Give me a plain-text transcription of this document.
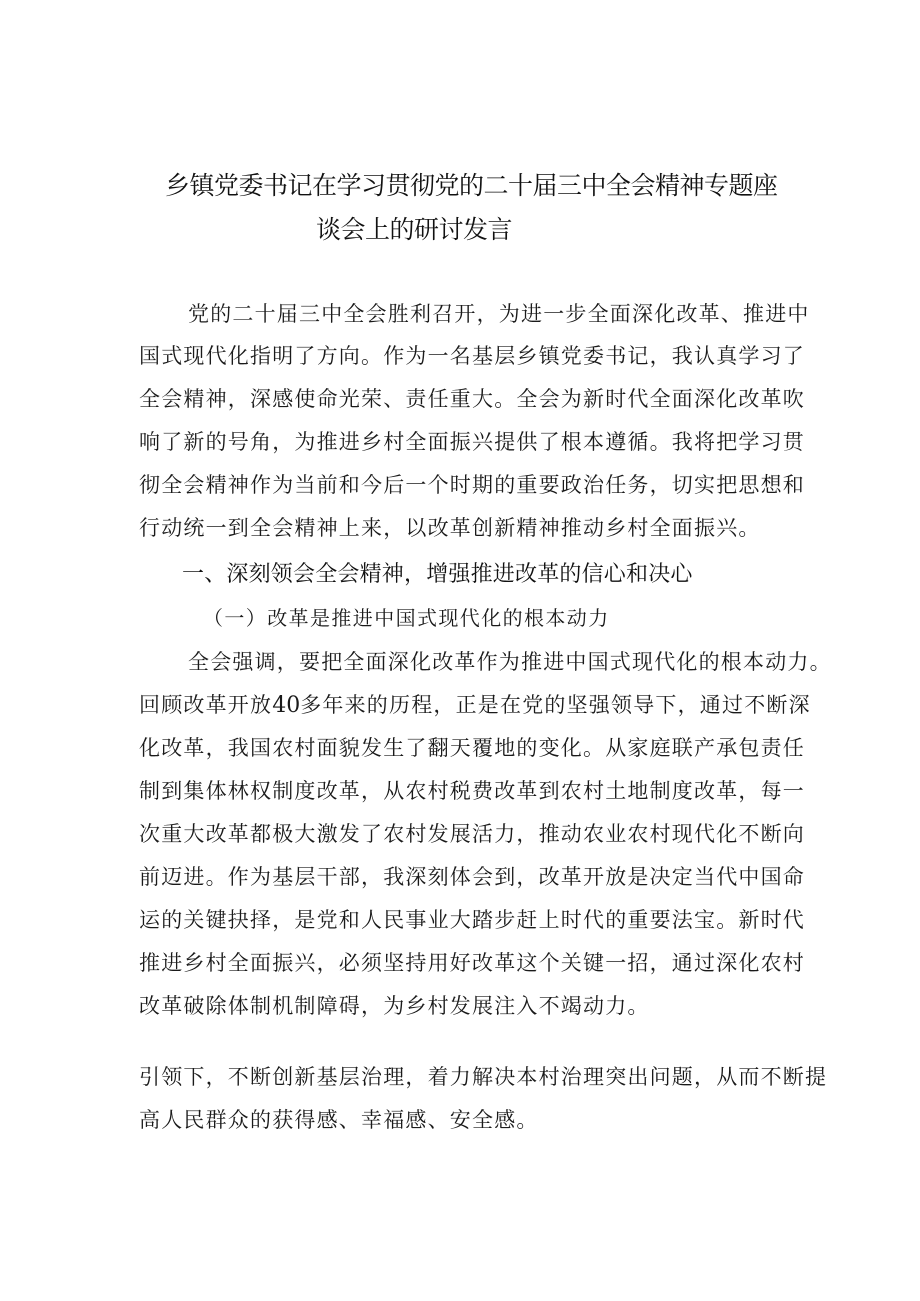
乡镇党委书记在学习贯彻党的二十届三中全会精神专题座
谈会上的研讨发言
党的二十届三中全会胜利召开，为进一步全面深化改革、推进中
国式现代化指明了方向。作为一名基层乡镇党委书记，我认真学习了
全会精神，深感使命光荣、责任重大。全会为新时代全面深化改革吹
响了新的号角，为推进乡村全面振兴提供了根本遵循。我将把学习贯
彻全会精神作为当前和今后一个时期的重要政治任务，切实把思想和
行动统一到全会精神上来，以改革创新精神推动乡村全面振兴。
一、深刻领会全会精神，增强推进改革的信心和决心
（一）改革是推进中国式现代化的根本动力
全会强调，要把全面深化改革作为推进中国式现代化的根本动力。
回顾改革开放40多年来的历程，正是在党的坚强领导下，通过不断深
化改革，我国农村面貌发生了翻天覆地的变化。从家庭联产承包责任
制到集体林权制度改革，从农村税费改革到农村土地制度改革，每一
次重大改革都极大激发了农村发展活力，推动农业农村现代化不断向
前迈进。作为基层干部，我深刻体会到，改革开放是决定当代中国命
运的关键抉择，是党和人民事业大踏步赶上时代的重要法宝。新时代
推进乡村全面振兴，必须坚持用好改革这个关键一招，通过深化农村
改革破除体制机制障碍，为乡村发展注入不竭动力。
引领下，不断创新基层治理，着力解决本村治理突出问题，从而不断提
高人民群众的获得感、幸福感、安全感。
